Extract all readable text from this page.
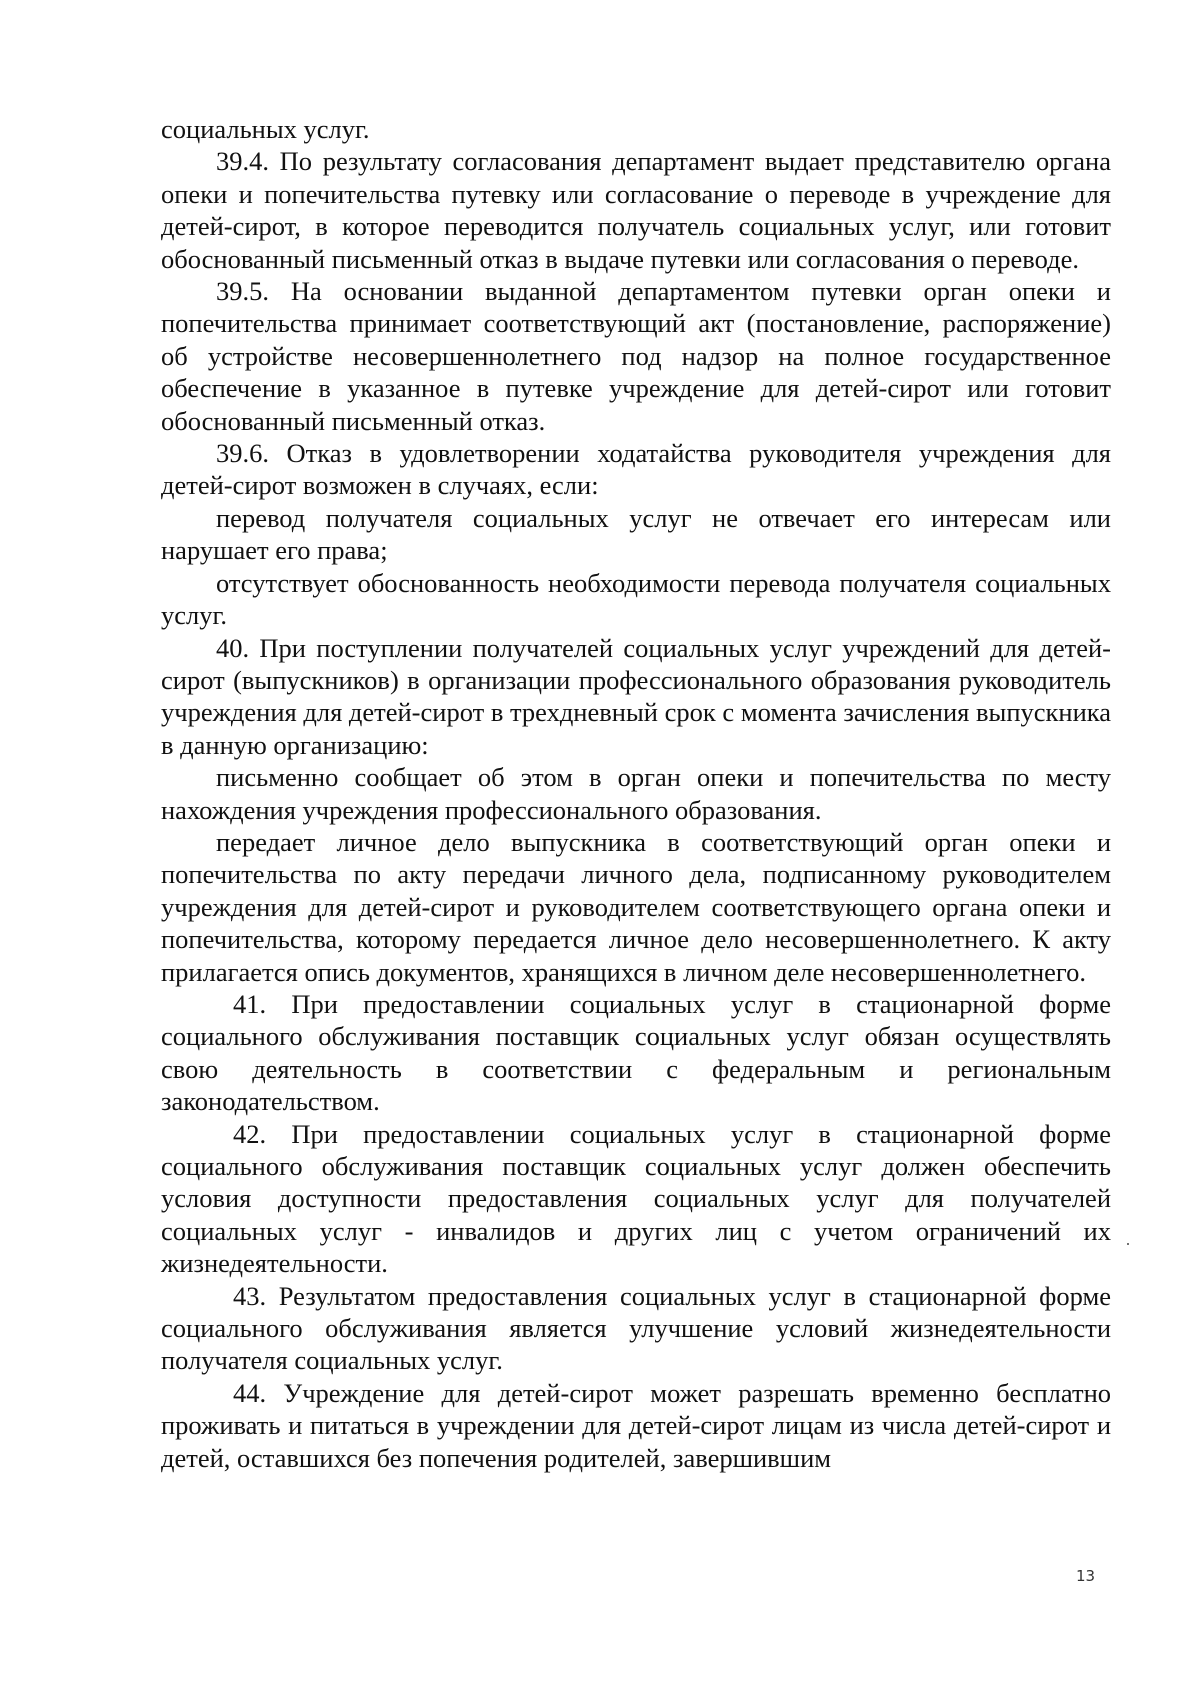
социальных услуг.

39.4. По результату согласования департамент выдает представителю органа опеки и попечительства путевку или согласование о переводе в учреждение для детей-сирот, в которое переводится получатель социальных услуг, или готовит обоснованный письменный отказ в выдаче путевки или согласования о переводе.

39.5. На основании выданной департаментом путевки орган опеки и попечительства принимает соответствующий акт (постановление, распоряжение) об устройстве несовершеннолетнего под надзор на полное государственное обеспечение в указанное в путевке учреждение для детей-сирот или готовит обоснованный письменный отказ.

39.6. Отказ в удовлетворении ходатайства руководителя учреждения для детей-сирот возможен в случаях, если:

перевод получателя социальных услуг не отвечает его интересам или нарушает его права;

отсутствует обоснованность необходимости перевода получателя социальных услуг.

40. При поступлении получателей социальных услуг учреждений для детей-сирот (выпускников) в организации профессионального образования руководитель учреждения для детей-сирот в трехдневный срок с момента зачисления выпускника в данную организацию:

письменно сообщает об этом в орган опеки и попечительства по месту нахождения учреждения профессионального образования.

передает личное дело выпускника в соответствующий орган опеки и попечительства по акту передачи личного дела, подписанному руководителем учреждения для детей-сирот и руководителем соответствующего органа опеки и попечительства, которому передается личное дело несовершеннолетнего. К акту прилагается опись документов, хранящихся в личном деле несовершеннолетнего.

41. При предоставлении социальных услуг в стационарной форме социального обслуживания поставщик социальных услуг обязан осуществлять свою деятельность в соответствии с федеральным и региональным законодательством.

42. При предоставлении социальных услуг в стационарной форме социального обслуживания поставщик социальных услуг должен обеспечить условия доступности предоставления социальных услуг для получателей социальных услуг - инвалидов и других лиц с учетом ограничений их жизнедеятельности.

43. Результатом предоставления социальных услуг в стационарной форме социального обслуживания является улучшение условий жизнедеятельности получателя социальных услуг.

44. Учреждение для детей-сирот может разрешать временно бесплатно проживать и питаться в учреждении для детей-сирот лицам из числа детей-сирот и детей, оставшихся без попечения родителей, завершившим

13
